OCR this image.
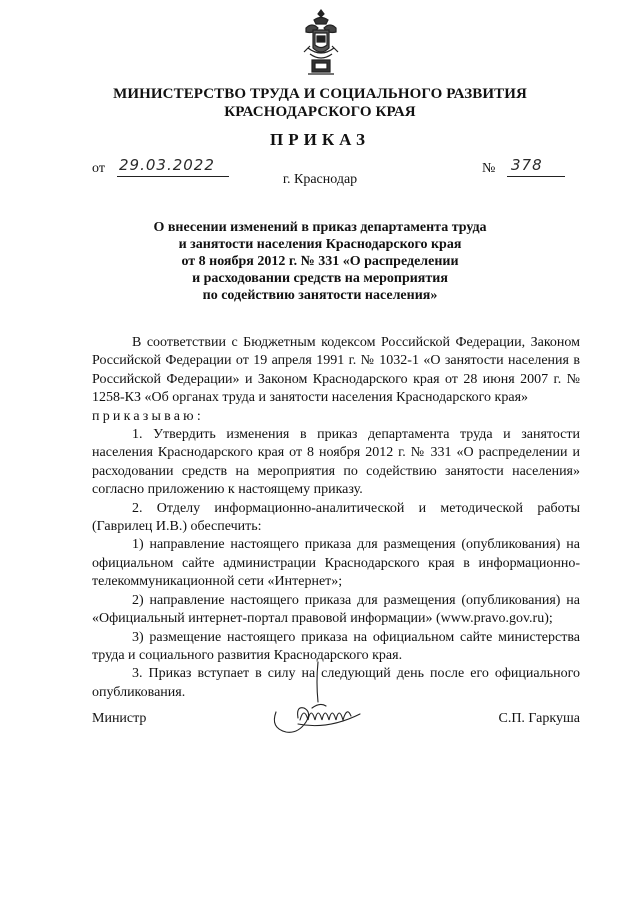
МИНИСТЕРСТВО ТРУДА И СОЦИАЛЬНОГО РАЗВИТИЯ
КРАСНОДАРСКОГО КРАЯ
ПРИКАЗ
от 29.03.2022	№ 378
г. Краснодар
О внесении изменений в приказ департамента труда
и занятости населения Краснодарского края
от 8 ноября 2012 г. № 331 «О распределении
и расходовании средств на мероприятия
по содействию занятости населения»

В соответствии с Бюджетным кодексом Российской Федерации, Законом Российской Федерации от 19 апреля 1991 г. № 1032-1 «О занятости населения в Российской Федерации» и Законом Краснодарского края от 28 июня 2007 г. № 1258-КЗ «Об органах труда и занятости населения Краснодарского края»

приказываю:

1. Утвердить изменения в приказ департамента труда и занятости населения Краснодарского края от 8 ноября 2012 г. № 331 «О распределении и расходовании средств на мероприятия по содействию занятости населения» согласно приложению к настоящему приказу.

2. Отделу информационно-аналитической и методической работы (Гаврилец И.В.) обеспечить:

1) направление настоящего приказа для размещения (опубликования) на официальном сайте администрации Краснодарского края в информационно-телекоммуникационной сети «Интернет»;

2) направление настоящего приказа для размещения (опубликования) на «Официальный интернет-портал правовой информации» (www.pravo.gov.ru);

3) размещение настоящего приказа на официальном сайте министерства труда и социального развития Краснодарского края.

3. Приказ вступает в силу на следующий день после его официального опубликования.

Министр	С.П. Гаркуша
